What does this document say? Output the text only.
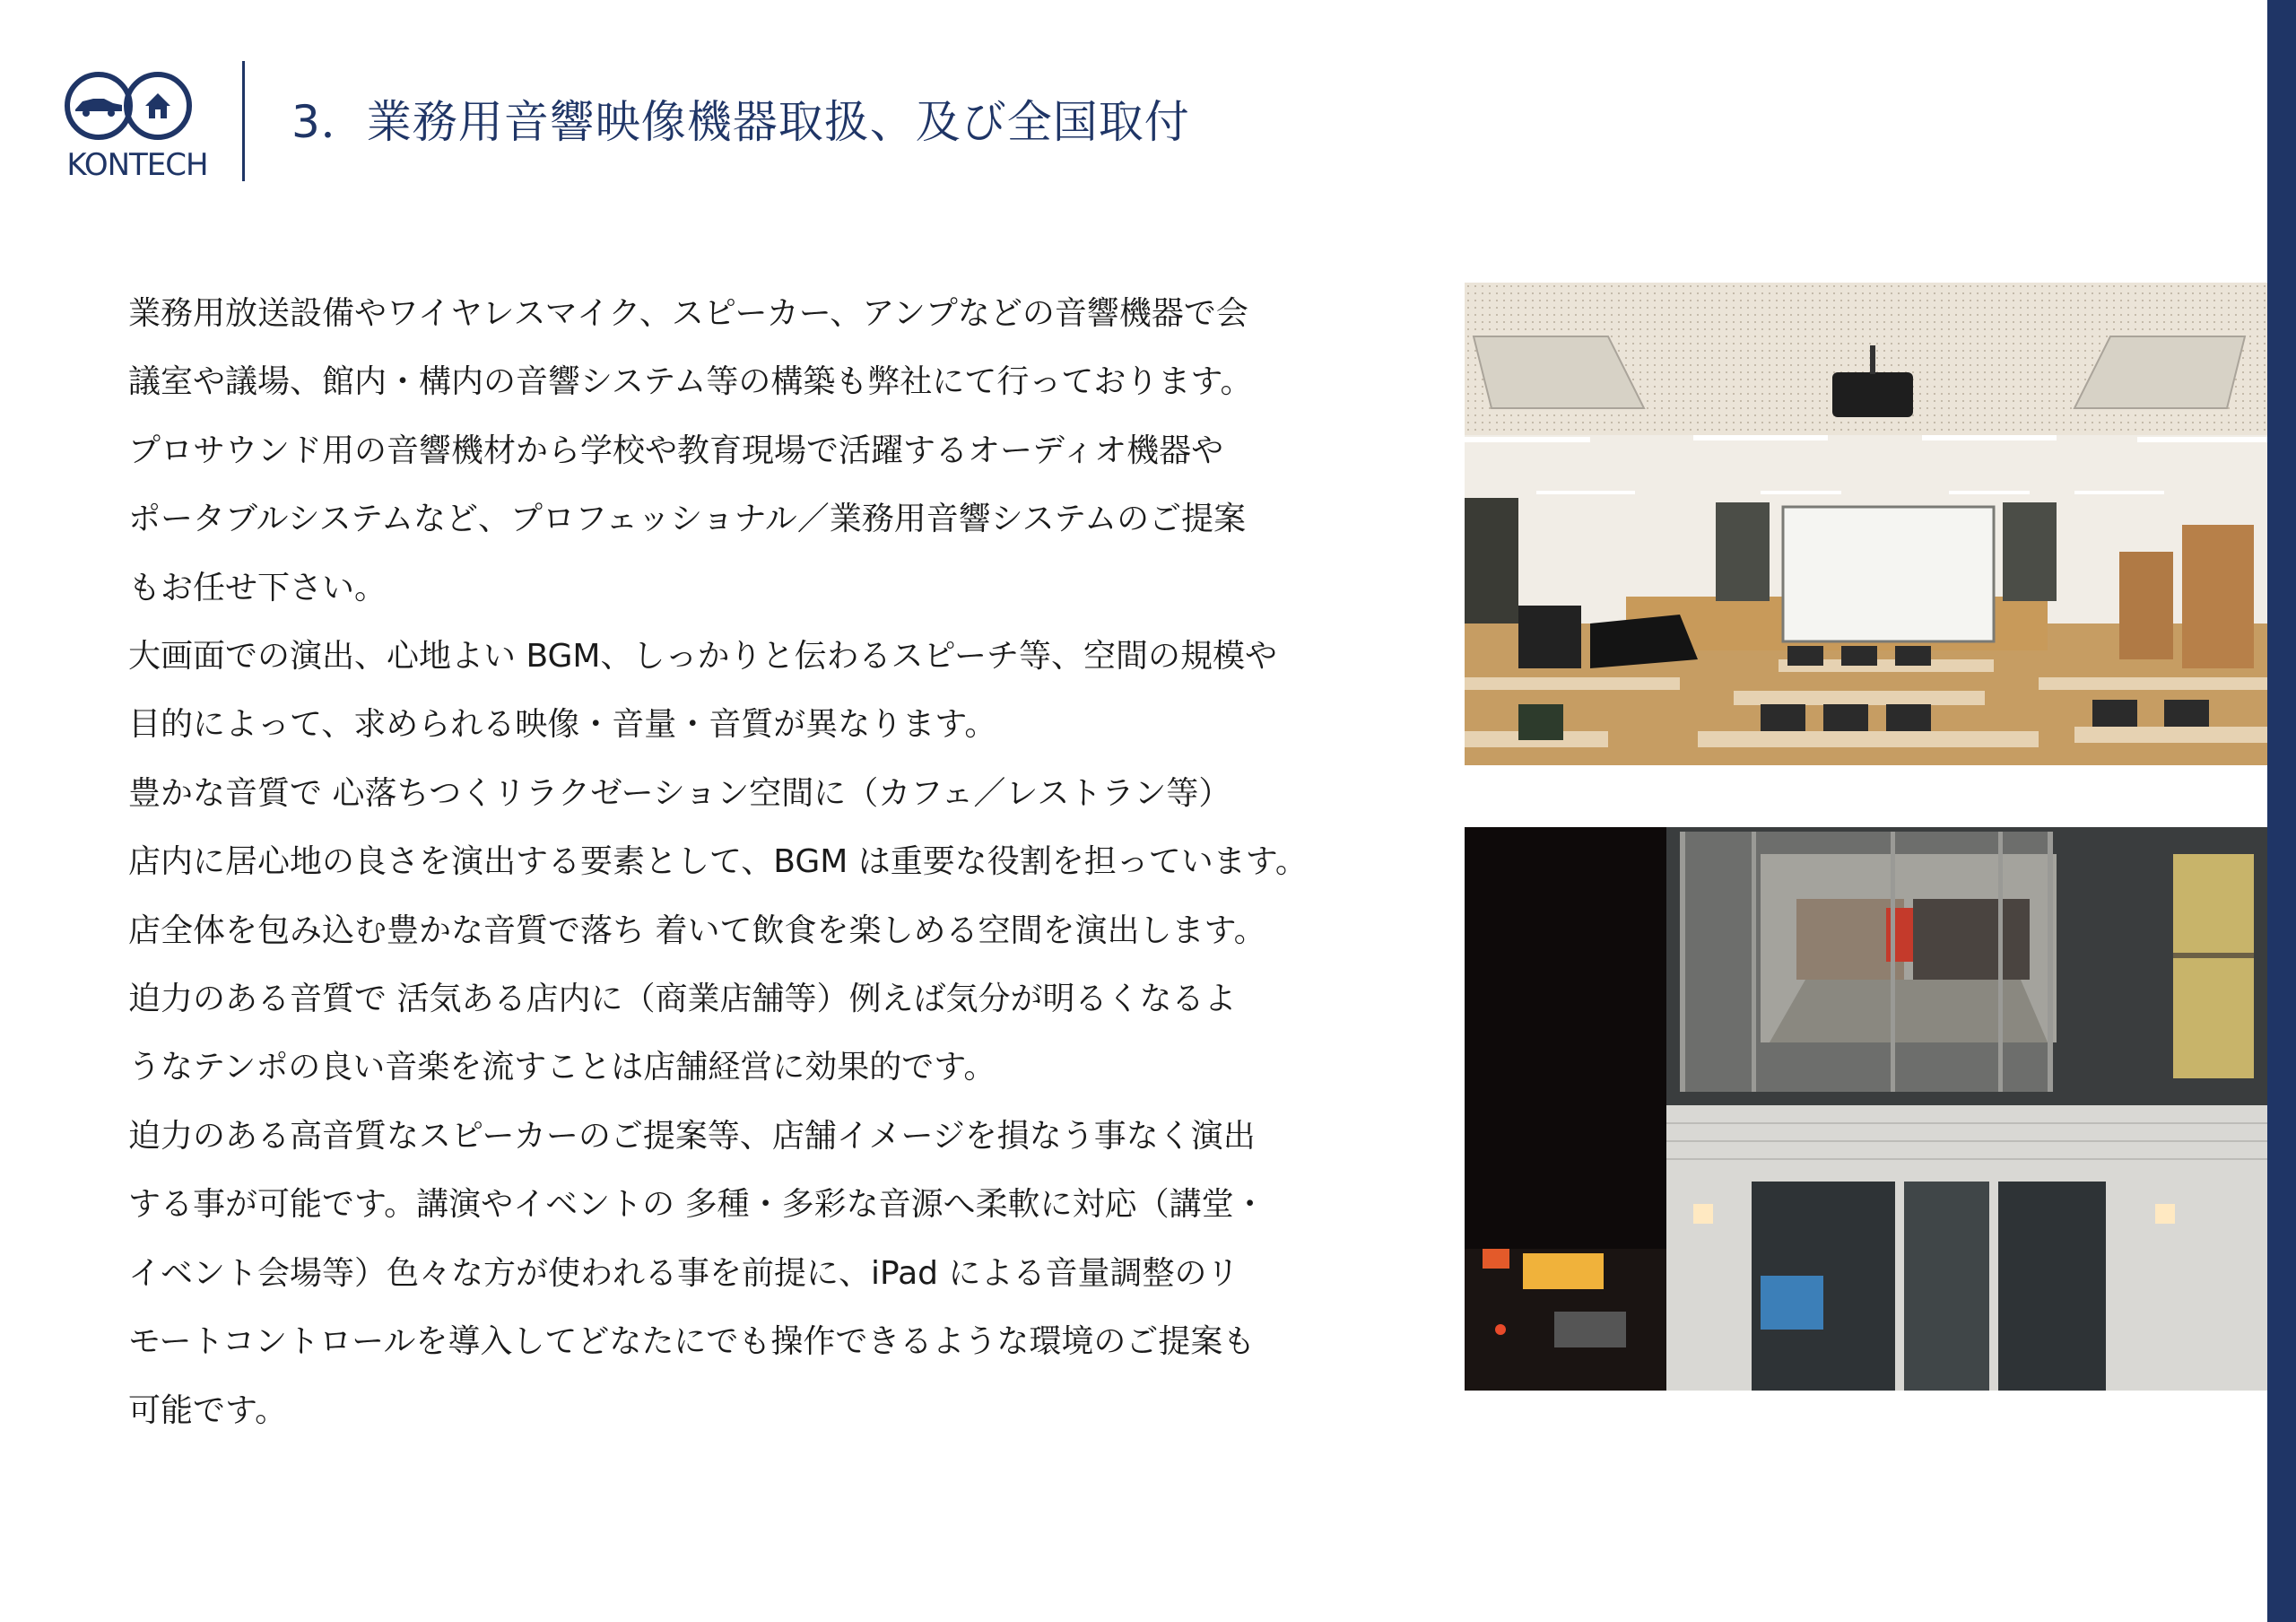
KONTECH
3．業務用音響映像機器取扱、及び全国取付

業務用放送設備やワイヤレスマイク、スピーカー、アンプなどの音響機器で会

議室や議場、館内・構内の音響システム等の構築も弊社にて行っております。

プロサウンド用の音響機材から学校や教育現場で活躍するオーディオ機器や

ポータブルシステムなど、プロフェッショナル／業務用音響システムのご提案

もお任せ下さい。

大画面での演出、心地よい BGM、しっかりと伝わるスピーチ等、空間の規模や

目的によって、求められる映像・音量・音質が異なります。

豊かな音質で 心落ちつくリラクゼーション空間に（カフェ／レストラン等）

店内に居心地の良さを演出する要素として、BGM は重要な役割を担っています。

店全体を包み込む豊かな音質で落ち 着いて飲食を楽しめる空間を演出します。

迫力のある音質で 活気ある店内に（商業店舗等）例えば気分が明るくなるよ

うなテンポの良い音楽を流すことは店舗経営に効果的です。

迫力のある高音質なスピーカーのご提案等、店舗イメージを損なう事なく演出

する事が可能です。講演やイベントの 多種・多彩な音源へ柔軟に対応（講堂・

イベント会場等）色々な方が使われる事を前提に、iPad による音量調整のリ

モートコントロールを導入してどなたにでも操作できるような環境のご提案も

可能です。
